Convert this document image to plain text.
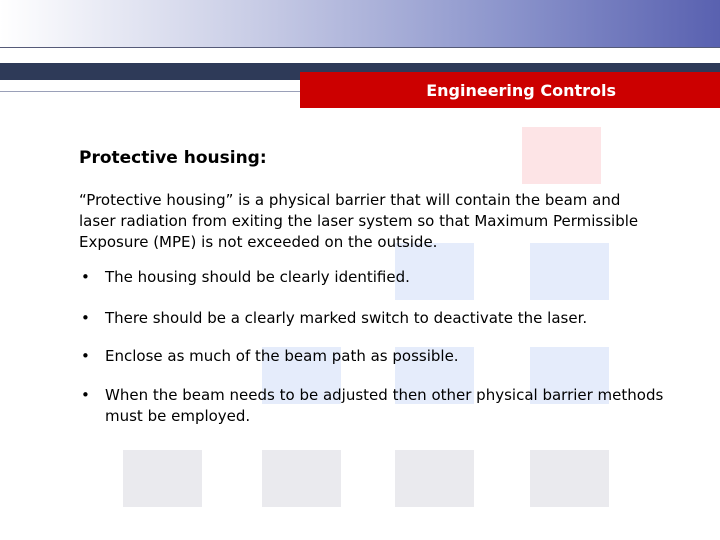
Engineering Controls
Protective housing:
“Protective housing” is a physical barrier that will contain the beam and laser radiation from exiting the laser system so that Maximum Permissible Exposure (MPE) is not exceeded on the outside.
• The housing should be clearly identified.
• There should be a clearly marked switch to deactivate the laser.
• Enclose as much of the beam path as possible.
• When the beam needs to be adjusted then other physical barrier methods must be employed.
